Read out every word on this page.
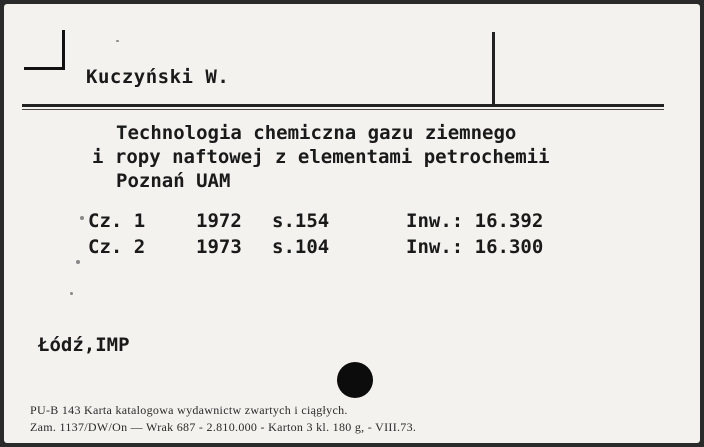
Kuczyński W.
Technologia chemiczna gazu ziemnego
i ropy naftowej z elementami petrochemii
Poznań UAM
Cz. 1	1972 s.154	Inw.: 16.392
Cz. 2	1973 s.104	Inw.: 16.300
Łódź,IMP
PU-B 143 Karta katalogowa wydawnictw zwartych i ciągłych.
Zam. 1137/DW/On — Wrak 687 - 2.810.000 - Karton 3 kl. 180 g, - VIII.73.
